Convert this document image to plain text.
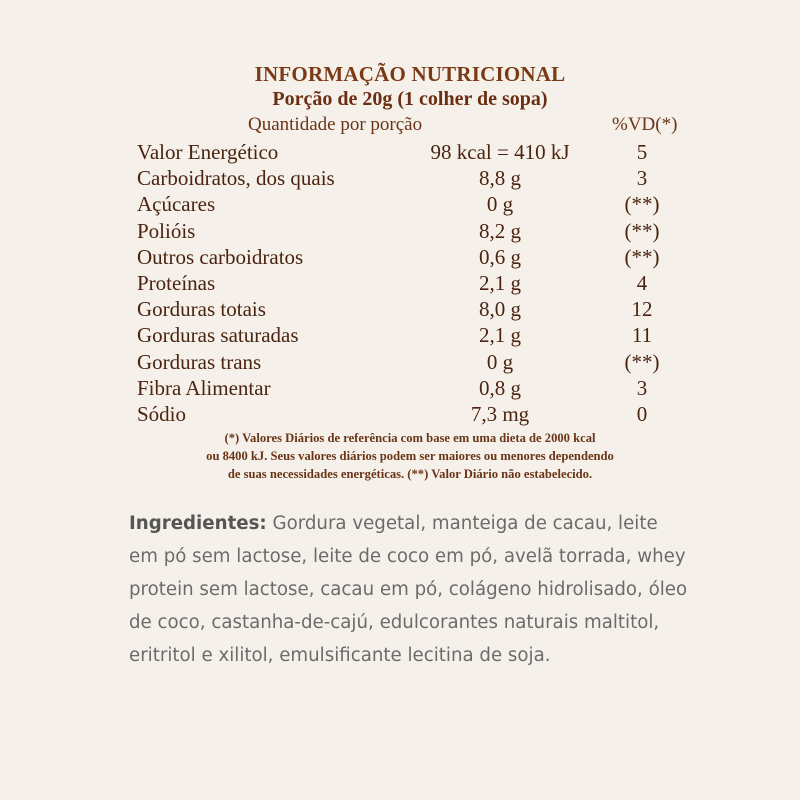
INFORMAÇÃO NUTRICIONAL
Porção de 20g (1 colher de sopa)
Quantidade por porção	%VD(*)
Valor Energético	98 kcal = 410 kJ	5
Carboidratos, dos quais	8,8 g	3
Açúcares	0 g	(**)
Polióis	8,2 g	(**)
Outros carboidratos	0,6 g	(**)
Proteínas	2,1 g	4
Gorduras totais	8,0 g	12
Gorduras saturadas	2,1 g	11
Gorduras trans	0 g	(**)
Fibra Alimentar	0,8 g	3
Sódio	7,3 mg	0
(*) Valores Diários de referência com base em uma dieta de 2000 kcal
ou 8400 kJ. Seus valores diários podem ser maiores ou menores dependendo
de suas necessidades energéticas. (**) Valor Diário não estabelecido.
Ingredientes: Gordura vegetal, manteiga de cacau, leite em pó sem lactose, leite de coco em pó, avelã torrada, whey protein sem lactose, cacau em pó, colágeno hidrolisado, óleo de coco, castanha-de-cajú, edulcorantes naturais maltitol, eritritol e xilitol, emulsificante lecitina de soja.
